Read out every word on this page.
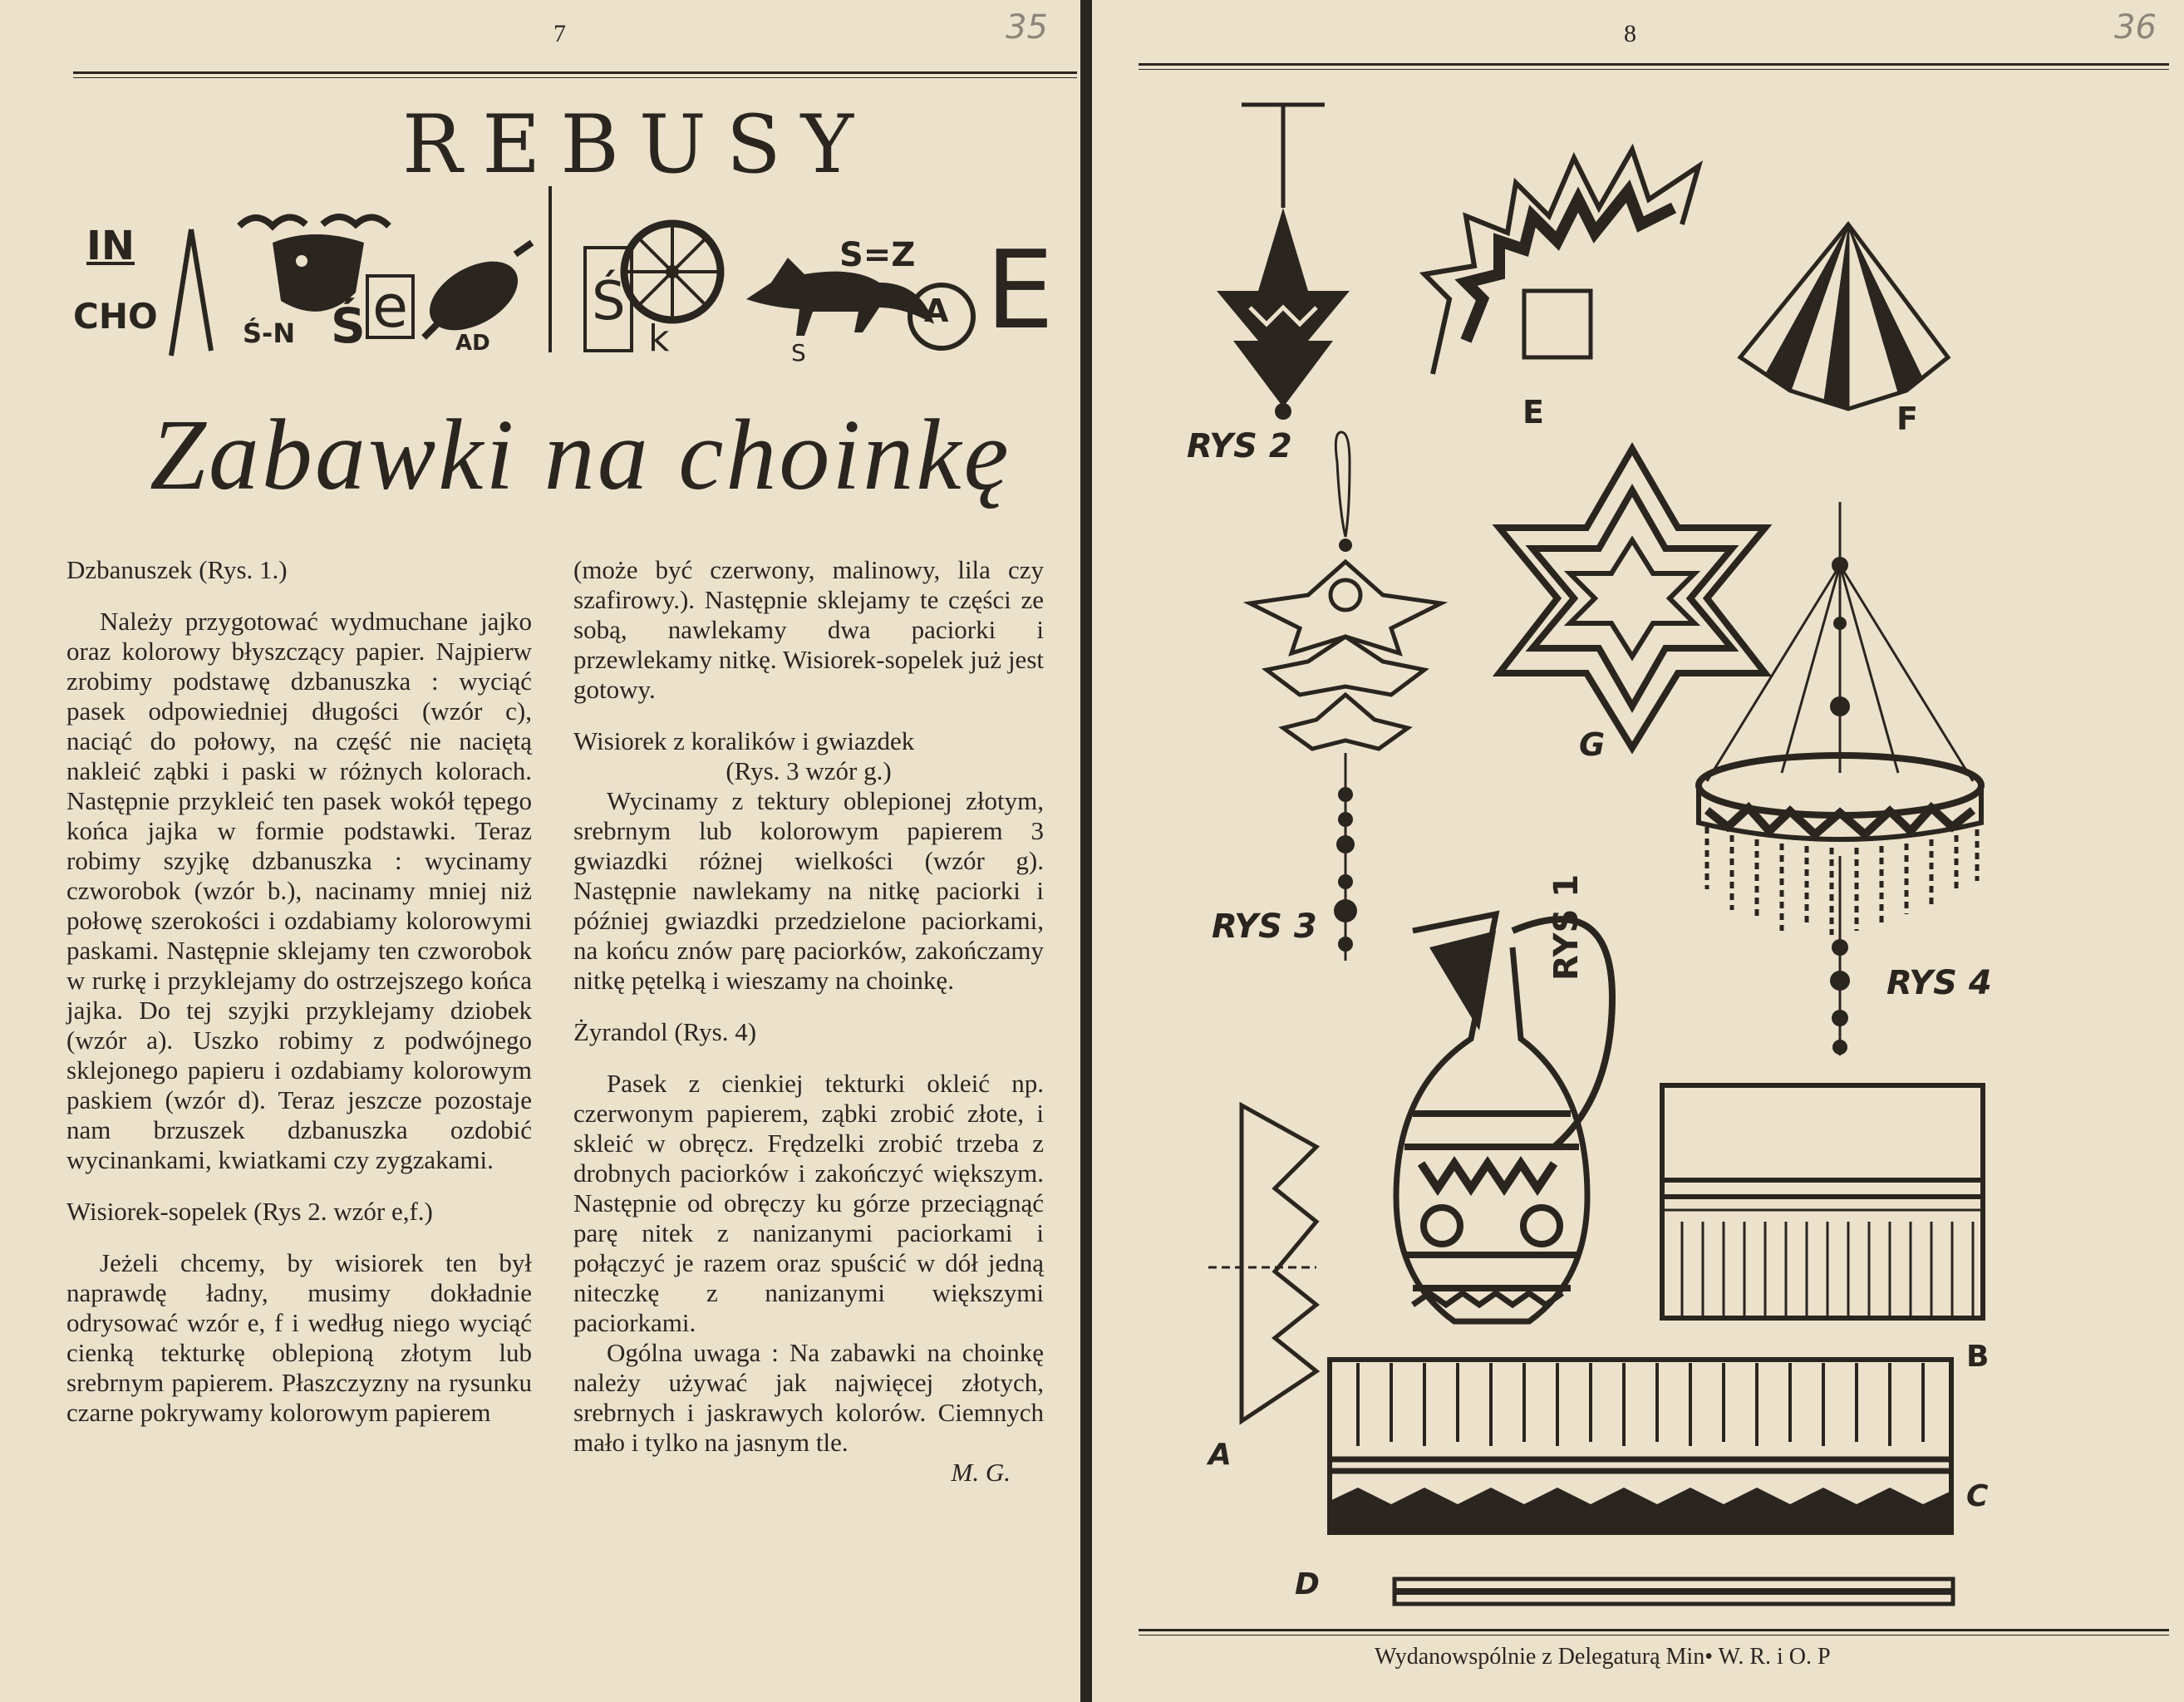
7	35
REBUSY
IN
CHO	Ś-N
A
Ś e
AD
Ś
k	S
S=Z
A E
Zabawki na choinkę

Dzbanuszek (Rys. 1.)

Należy przygotować wydmuchane jajko oraz kolorowy błyszczący papier. Najpierw zrobimy podstawę dzbanuszka : wyciąć pasek odpowiedniej długości (wzór c), naciąć do połowy, na część nie naciętą nakleić ząbki i paski w różnych kolorach. Następnie przykleić ten pasek wokół tępego końca jajka w formie podstawki. Teraz robimy szyjkę dzbanuszka : wycinamy czworobok (wzór b.), nacinamy mniej niż połowę szerokości i ozdabiamy kolorowymi paskami. Następnie sklejamy ten czworobok w rurkę i przyklejamy do ostrzejszego końca jajka. Do tej szyjki przyklejamy dziobek (wzór a). Uszko robimy z podwójnego sklejonego papieru i ozdabiamy kolorowym paskiem (wzór d). Teraz jeszcze pozostaje nam brzuszek dzbanuszka ozdobić wycinankami, kwiatkami czy zygzakami.

Wisiorek-sopelek (Rys 2. wzór e,f.)

Jeżeli chcemy, by wisiorek ten był naprawdę ładny, musimy dokładnie odrysować wzór e, f i według niego wyciąć cienką tekturkę oblepioną złotym lub srebrnym papierem. Płaszczyzny na rysunku czarne pokrywamy kolorowym papierem

(może być czerwony, malinowy, lila czy szafirowy.). Następnie sklejamy te części ze sobą, nawlekamy dwa paciorki i przewlekamy nitkę. Wisiorek-sopelek już jest gotowy.

Wisiorek z koralików i gwiazdek

(Rys. 3 wzór g.)

Wycinamy z tektury oblepionej złotym, srebrnym lub kolorowym papierem 3 gwiazdki różnej wielkości (wzór g). Następnie nawlekamy na nitkę paciorki i później gwiazdki przedzielone paciorkami, na końcu znów parę paciorków, zakończamy nitkę pętelką i wieszamy na choinkę.

Żyrandol (Rys. 4)

Pasek z cienkiej tekturki okleić np. czerwonym papierem, ząbki zrobić złote, i skleić w obręcz. Frędzelki zrobić trzeba z drobnych paciorków i zakończyć większym. Następnie od obręczy ku górze przeciągnąć parę nitek z nanizanymi paciorkami i połączyć je razem oraz spuścić w dół jedną niteczkę z nanizanymi większymi paciorkami.

Ogólna uwaga : Na zabawki na choinkę należy używać jak najwięcej złotych, srebrnych i jaskrawych kolorów. Ciemnych mało i tylko na jasnym tle.

M. G.

8	36
RYS 2
E	F
RYS 3
G
RYS 4
RYS 1
A
B
C
D
Wydanowspólnie z Delegaturą Min• W. R. i O. P
